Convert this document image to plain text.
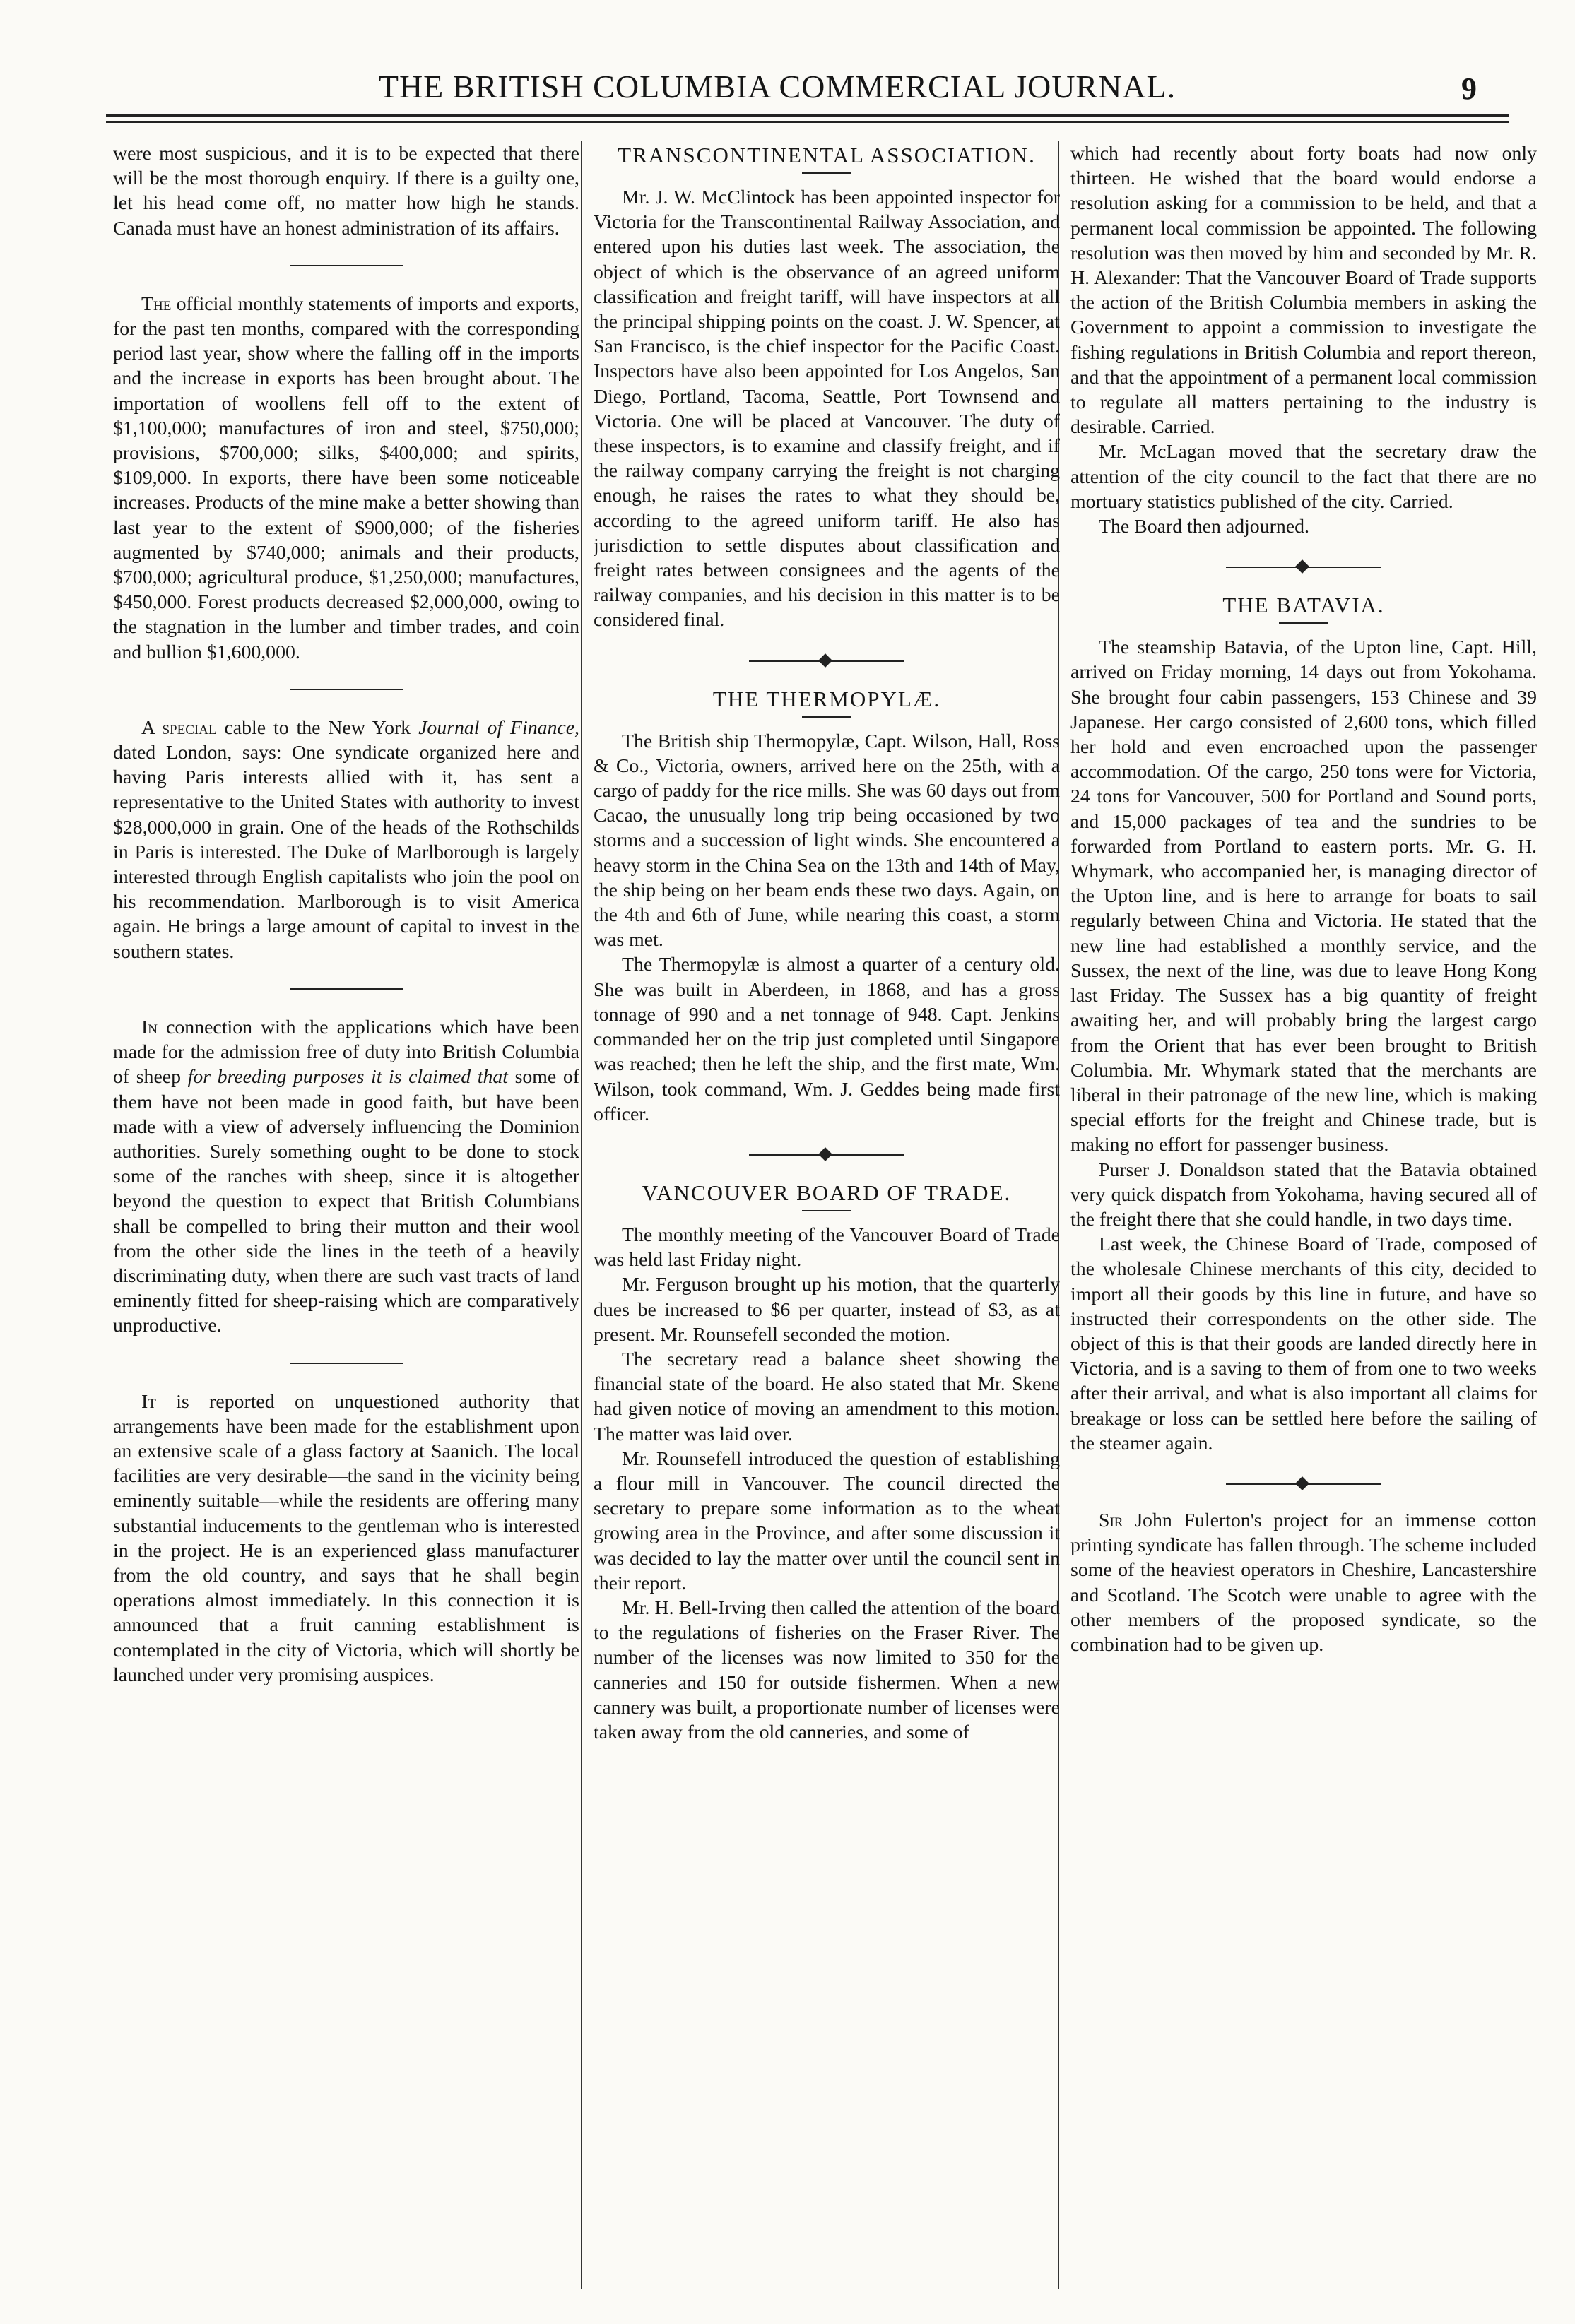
THE BRITISH COLUMBIA COMMERCIAL JOURNAL.	9

were most suspicious, and it is to be expected that there will be the most thorough enquiry. If there is a guilty one, let his head come off, no matter how high he stands. Canada must have an honest administration of its affairs.

The official monthly statements of imports and exports, for the past ten months, compared with the corresponding period last year, show where the falling off in the imports and the increase in exports has been brought about. The importation of woollens fell off to the extent of $1,100,000; manufactures of iron and steel, $750,000; provisions, $700,000; silks, $400,000; and spirits, $109,000. In exports, there have been some noticeable increases. Products of the mine make a better showing than last year to the extent of $900,000; of the fisheries augmented by $740,000; animals and their products, $700,000; agricultural produce, $1,250,000; manufactures, $450,000. Forest products decreased $2,000,000, owing to the stagnation in the lumber and timber trades, and coin and bullion $1,600,000.

A special cable to the New York Journal of Finance, dated London, says: One syndicate organized here and having Paris interests allied with it, has sent a representative to the United States with authority to invest $28,000,000 in grain. One of the heads of the Rothschilds in Paris is interested. The Duke of Marlborough is largely interested through English capitalists who join the pool on his recommendation. Marlborough is to visit America again. He brings a large amount of capital to invest in the southern states.

In connection with the applications which have been made for the admission free of duty into British Columbia of sheep for breeding purposes it is claimed that some of them have not been made in good faith, but have been made with a view of adversely influencing the Dominion authorities. Surely something ought to be done to stock some of the ranches with sheep, since it is altogether beyond the question to expect that British Columbians shall be compelled to bring their mutton and their wool from the other side the lines in the teeth of a heavily discriminating duty, when there are such vast tracts of land eminently fitted for sheep-raising which are comparatively unproductive.

It is reported on unquestioned authority that arrangements have been made for the establishment upon an extensive scale of a glass factory at Saanich. The local facilities are very desirable—the sand in the vicinity being eminently suitable—while the residents are offering many substantial inducements to the gentleman who is interested in the project. He is an experienced glass manufacturer from the old country, and says that he shall begin operations almost immediately. In this connection it is announced that a fruit canning establishment is contemplated in the city of Victoria, which will shortly be launched under very promising auspices.

TRANSCONTINENTAL ASSOCIATION.

Mr. J. W. McClintock has been appointed inspector for Victoria for the Transcontinental Railway Association, and entered upon his duties last week. The association, the object of which is the observance of an agreed uniform classification and freight tariff, will have inspectors at all the principal shipping points on the coast. J. W. Spencer, at San Francisco, is the chief inspector for the Pacific Coast. Inspectors have also been appointed for Los Angelos, San Diego, Portland, Tacoma, Seattle, Port Townsend and Victoria. One will be placed at Vancouver. The duty of these inspectors, is to examine and classify freight, and if the railway company carrying the freight is not charging enough, he raises the rates to what they should be, according to the agreed uniform tariff. He also has jurisdiction to settle disputes about classification and freight rates between consignees and the agents of the railway companies, and his decision in this matter is to be considered final.

THE THERMOPYLÆ.

The British ship Thermopylæ, Capt. Wilson, Hall, Ross & Co., Victoria, owners, arrived here on the 25th, with a cargo of paddy for the rice mills. She was 60 days out from Cacao, the unusually long trip being occasioned by two storms and a succession of light winds. She encountered a heavy storm in the China Sea on the 13th and 14th of May, the ship being on her beam ends these two days. Again, on the 4th and 6th of June, while nearing this coast, a storm was met.

The Thermopylæ is almost a quarter of a century old. She was built in Aberdeen, in 1868, and has a gross tonnage of 990 and a net tonnage of 948. Capt. Jenkins commanded her on the trip just completed until Singapore was reached; then he left the ship, and the first mate, Wm. Wilson, took command, Wm. J. Geddes being made first officer.

VANCOUVER BOARD OF TRADE.

The monthly meeting of the Vancouver Board of Trade was held last Friday night.

Mr. Ferguson brought up his motion, that the quarterly dues be increased to $6 per quarter, instead of $3, as at present. Mr. Rounsefell seconded the motion.

The secretary read a balance sheet showing the financial state of the board. He also stated that Mr. Skene had given notice of moving an amendment to this motion. The matter was laid over.

Mr. Rounsefell introduced the question of establishing a flour mill in Vancouver. The council directed the secretary to prepare some information as to the wheat growing area in the Province, and after some discussion it was decided to lay the matter over until the council sent in their report.

Mr. H. Bell-Irving then called the attention of the board to the regulations of fisheries on the Fraser River. The number of the licenses was now limited to 350 for the canneries and 150 for outside fishermen. When a new cannery was built, a proportionate number of licenses were taken away from the old canneries, and some of

which had recently about forty boats had now only thirteen. He wished that the board would endorse a resolution asking for a commission to be held, and that a permanent local commission be appointed. The following resolution was then moved by him and seconded by Mr. R. H. Alexander: That the Vancouver Board of Trade supports the action of the British Columbia members in asking the Government to appoint a commission to investigate the fishing regulations in British Columbia and report thereon, and that the appointment of a permanent local commission to regulate all matters pertaining to the industry is desirable. Carried.

Mr. McLagan moved that the secretary draw the attention of the city council to the fact that there are no mortuary statistics published of the city. Carried.

The Board then adjourned.

THE BATAVIA.

The steamship Batavia, of the Upton line, Capt. Hill, arrived on Friday morning, 14 days out from Yokohama. She brought four cabin passengers, 153 Chinese and 39 Japanese. Her cargo consisted of 2,600 tons, which filled her hold and even encroached upon the passenger accommodation. Of the cargo, 250 tons were for Victoria, 24 tons for Vancouver, 500 for Portland and Sound ports, and 15,000 packages of tea and the sundries to be forwarded from Portland to eastern ports. Mr. G. H. Whymark, who accompanied her, is managing director of the Upton line, and is here to arrange for boats to sail regularly between China and Victoria. He stated that the new line had established a monthly service, and the Sussex, the next of the line, was due to leave Hong Kong last Friday. The Sussex has a big quantity of freight awaiting her, and will probably bring the largest cargo from the Orient that has ever been brought to British Columbia. Mr. Whymark stated that the merchants are liberal in their patronage of the new line, which is making special efforts for the freight and Chinese trade, but is making no effort for passenger business.

Purser J. Donaldson stated that the Batavia obtained very quick dispatch from Yokohama, having secured all of the freight there that she could handle, in two days time.

Last week, the Chinese Board of Trade, composed of the wholesale Chinese merchants of this city, decided to import all their goods by this line in future, and have so instructed their correspondents on the other side. The object of this is that their goods are landed directly here in Victoria, and is a saving to them of from one to two weeks after their arrival, and what is also important all claims for breakage or loss can be settled here before the sailing of the steamer again.

Sir John Fulerton's project for an immense cotton printing syndicate has fallen through. The scheme included some of the heaviest operators in Cheshire, Lancastershire and Scotland. The Scotch were unable to agree with the other members of the proposed syndicate, so the combination had to be given up.
